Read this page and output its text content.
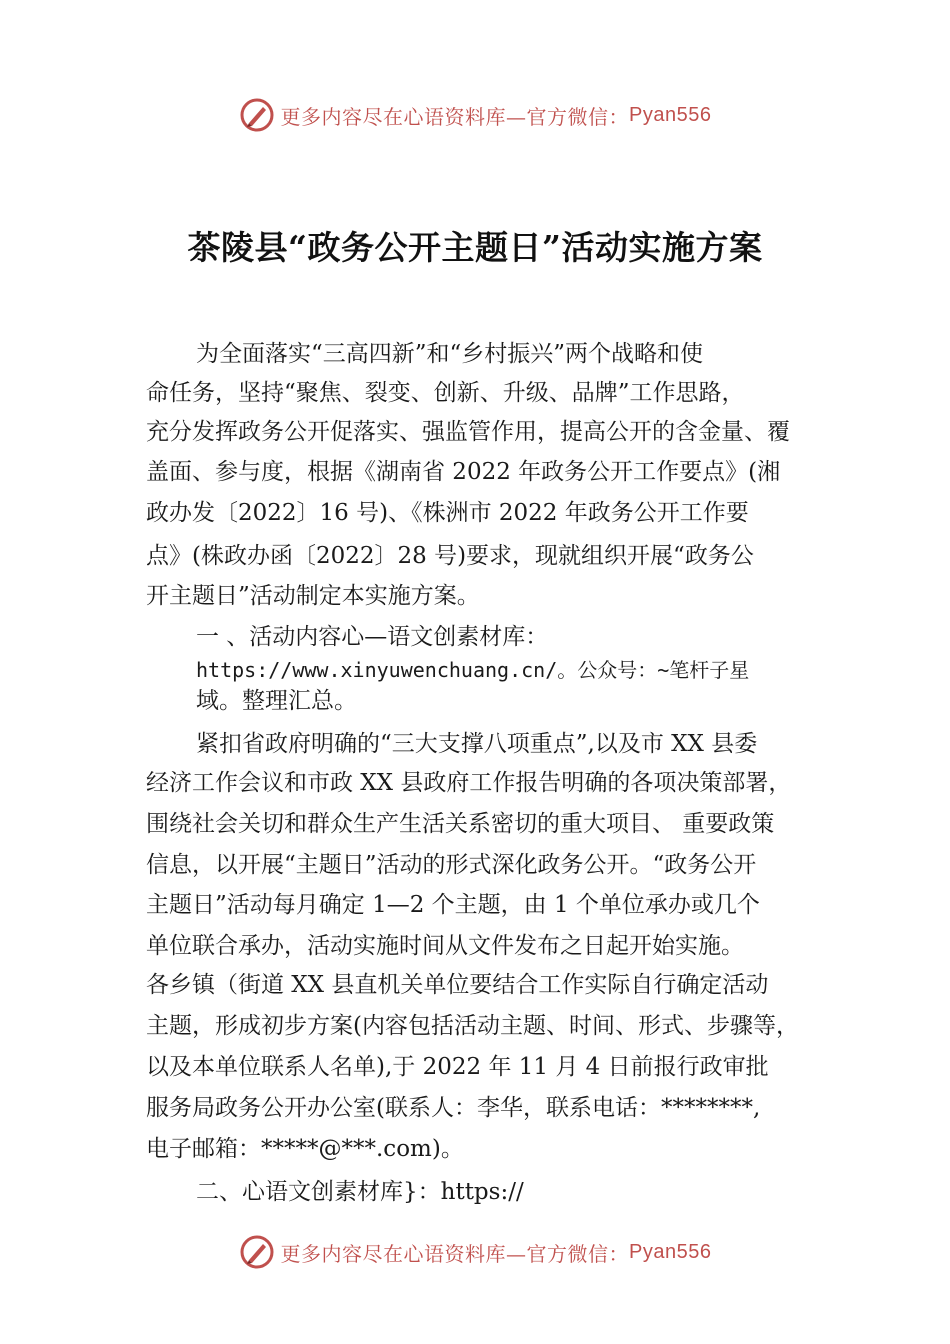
更多内容尽在心语资料库—官方微信： Pyan556
茶陵县“政务公开主题日”活动实施方案
为全面落实“三高四新”和“乡村振兴”两个战略和使
命任务，坚持“聚焦、裂变、创新、升级、品牌”工作思路，
充分发挥政务公开促落实、强监管作用，提高公开的含金量、覆
盖面、参与度，根据《湖南省 2022 年政务公开工作要点》(湘
政办发〔2022〕16 号)、《株洲市 2022 年政务公开工作要
点》(株政办函〔2022〕28 号)要求，现就组织开展“政务公
开主题日”活动制定本实施方案。
一 、活动内容心—语文创素材库：
https://www.xinyuwenchuang.cn/。公众号：~笔杆子星
域。整理汇总。
紧扣省政府明确的“三大支撑八项重点”,以及市 XX 县委
经济工作会议和市政 XX 县政府工作报告明确的各项决策部署，
围绕社会关切和群众生产生活关系密切的重大项目、 重要政策
信息，以开展“主题日”活动的形式深化政务公开。“政务公开
主题日”活动每月确定 1—2 个主题，由 1 个单位承办或几个
单位联合承办，活动实施时间从文件发布之日起开始实施。
各乡镇（街道 XX 县直机关单位要结合工作实际自行确定活动
主题，形成初步方案(内容包括活动主题、时间、形式、步骤等，
以及本单位联系人名单),于 2022 年 11 月 4 日前报行政审批
服务局政务公开办公室(联系人：李华，联系电话：********,
电子邮箱：*****@***.com)。
二、心语文创素材库}：https://
更多内容尽在心语资料库—官方微信： Pyan556
